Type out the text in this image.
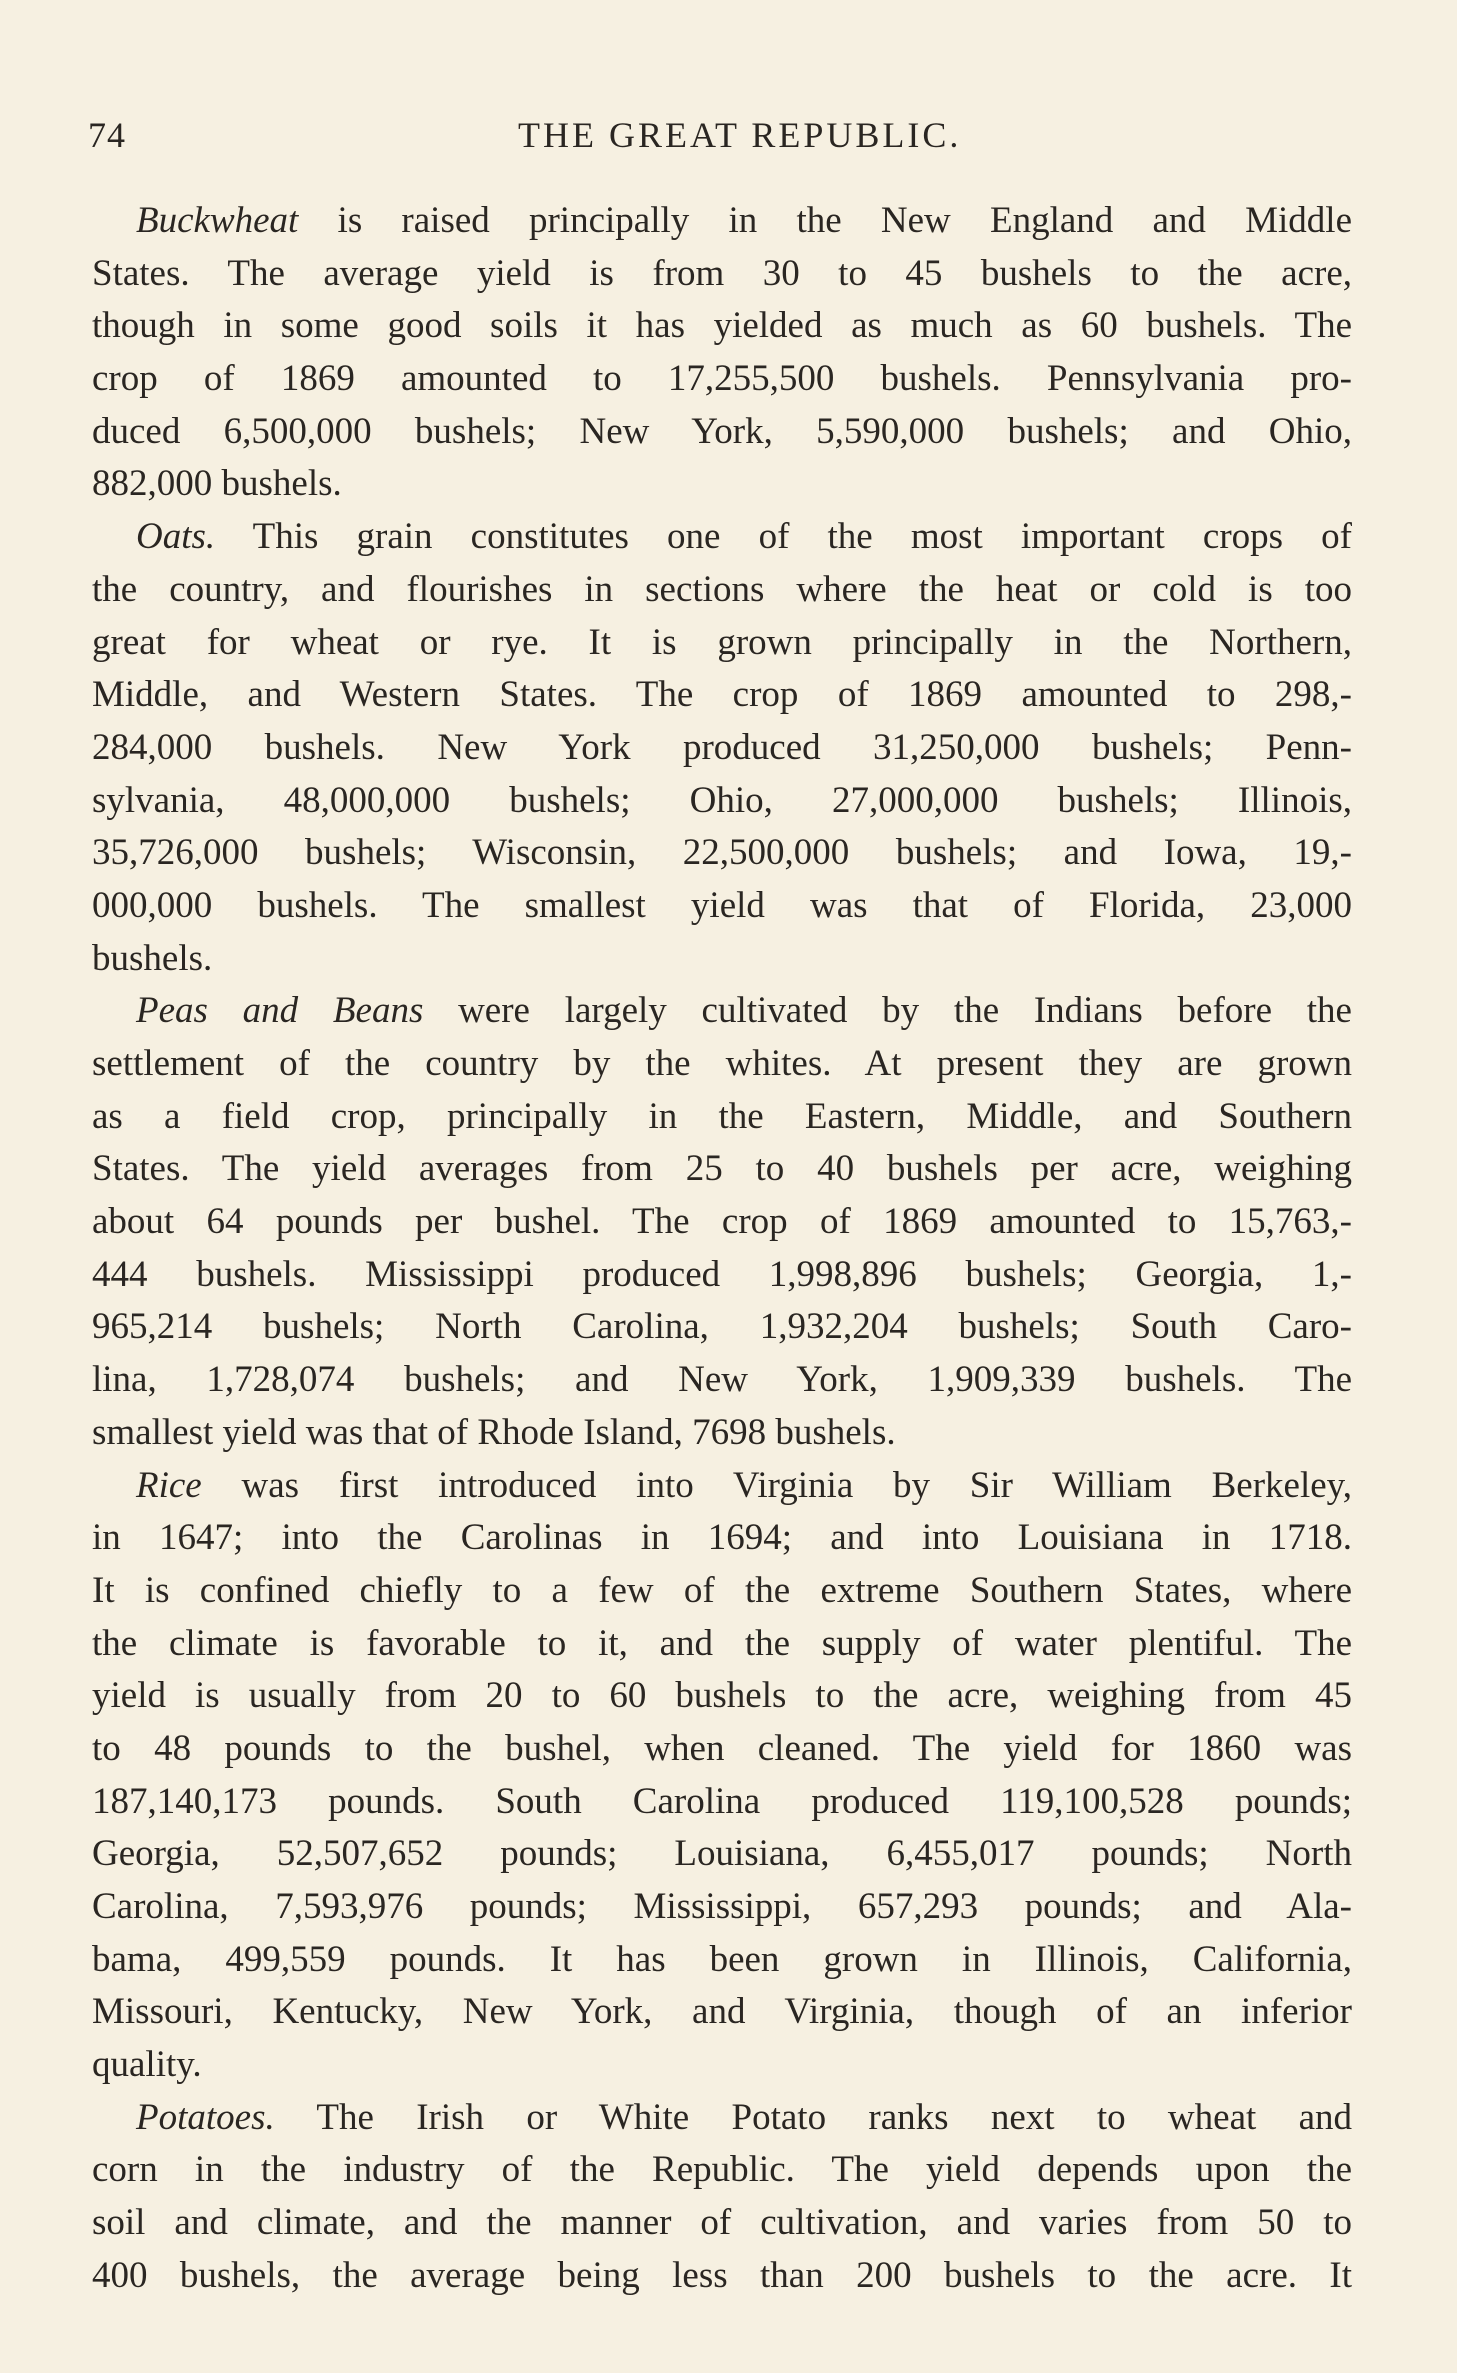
74	THE GREAT REPUBLIC.
Buckwheat is raised principally in the New England and Middle
States. The average yield is from 30 to 45 bushels to the acre,
though in some good soils it has yielded as much as 60 bushels. The
crop of 1869 amounted to 17,255,500 bushels. Pennsylvania pro-
duced 6,500,000 bushels; New York, 5,590,000 bushels; and Ohio,
882,000 bushels.
Oats. This grain constitutes one of the most important crops of
the country, and flourishes in sections where the heat or cold is too
great for wheat or rye. It is grown principally in the Northern,
Middle, and Western States. The crop of 1869 amounted to 298,-
284,000 bushels. New York produced 31,250,000 bushels; Penn-
sylvania, 48,000,000 bushels; Ohio, 27,000,000 bushels; Illinois,
35,726,000 bushels; Wisconsin, 22,500,000 bushels; and Iowa, 19,-
000,000 bushels. The smallest yield was that of Florida, 23,000
bushels.
Peas and Beans were largely cultivated by the Indians before the
settlement of the country by the whites. At present they are grown
as a field crop, principally in the Eastern, Middle, and Southern
States. The yield averages from 25 to 40 bushels per acre, weighing
about 64 pounds per bushel. The crop of 1869 amounted to 15,763,-
444 bushels. Mississippi produced 1,998,896 bushels; Georgia, 1,-
965,214 bushels; North Carolina, 1,932,204 bushels; South Caro-
lina, 1,728,074 bushels; and New York, 1,909,339 bushels. The
smallest yield was that of Rhode Island, 7698 bushels.
Rice was first introduced into Virginia by Sir William Berkeley,
in 1647; into the Carolinas in 1694; and into Louisiana in 1718.
It is confined chiefly to a few of the extreme Southern States, where
the climate is favorable to it, and the supply of water plentiful. The
yield is usually from 20 to 60 bushels to the acre, weighing from 45
to 48 pounds to the bushel, when cleaned. The yield for 1860 was
187,140,173 pounds. South Carolina produced 119,100,528 pounds;
Georgia, 52,507,652 pounds; Louisiana, 6,455,017 pounds; North
Carolina, 7,593,976 pounds; Mississippi, 657,293 pounds; and Ala-
bama, 499,559 pounds. It has been grown in Illinois, California,
Missouri, Kentucky, New York, and Virginia, though of an inferior
quality.
Potatoes. The Irish or White Potato ranks next to wheat and
corn in the industry of the Republic. The yield depends upon the
soil and climate, and the manner of cultivation, and varies from 50 to
400 bushels, the average being less than 200 bushels to the acre. It
